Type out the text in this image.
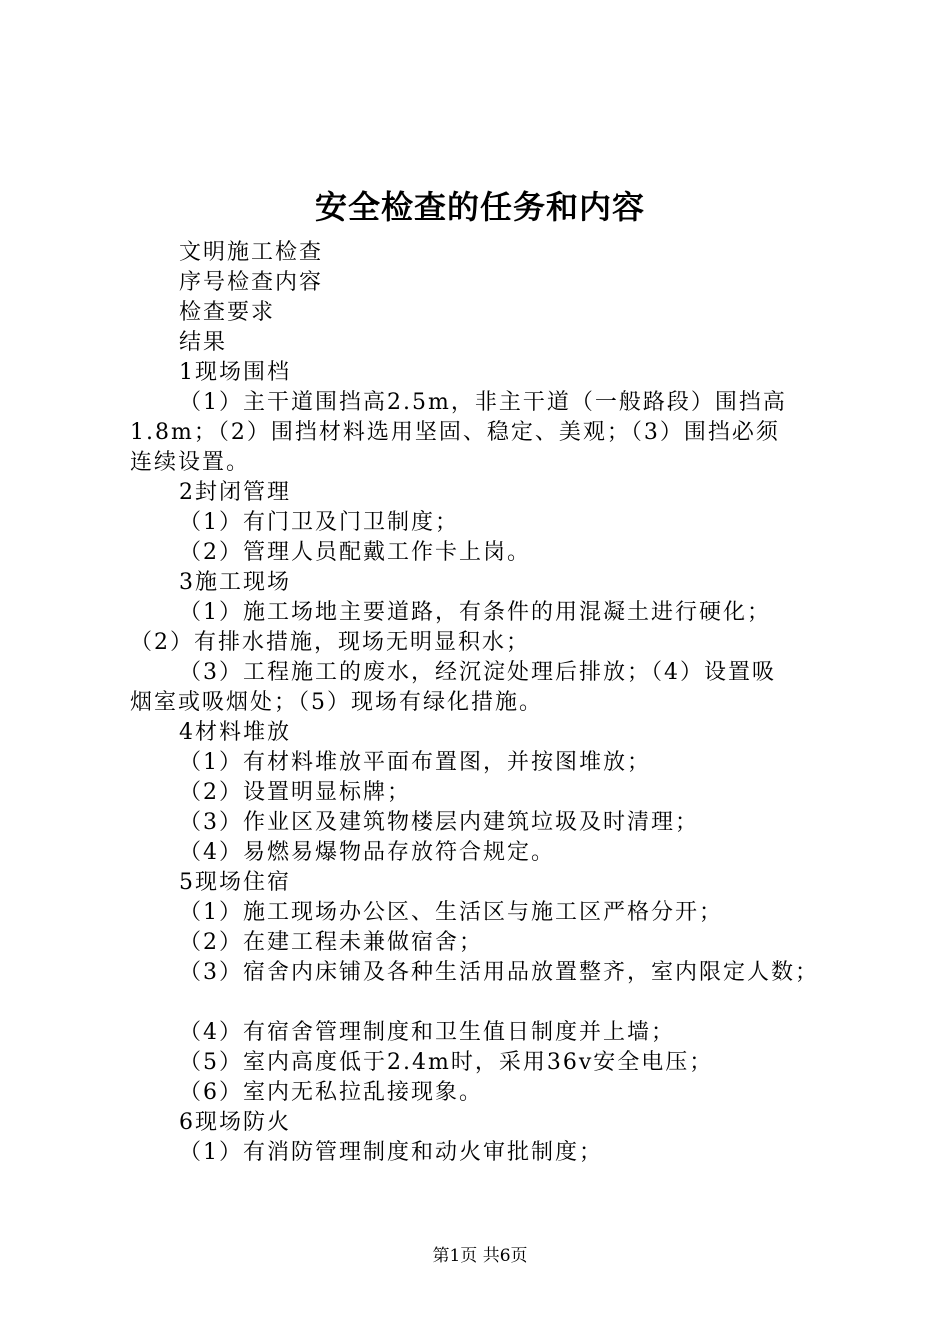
安全检查的任务和内容
文明施工检查
序号检查内容
检查要求
结果
1现场围档
（1）主干道围挡高2.5m，非主干道（一般路段）围挡高
1.8m；（2）围挡材料选用坚固、稳定、美观；（3）围挡必须
连续设置。
2封闭管理
（1）有门卫及门卫制度；
（2）管理人员配戴工作卡上岗。
3施工现场
（1）施工场地主要道路，有条件的用混凝土进行硬化；
（2）有排水措施，现场无明显积水；
（3）工程施工的废水，经沉淀处理后排放；（4）设置吸
烟室或吸烟处；（5）现场有绿化措施。
4材料堆放
（1）有材料堆放平面布置图，并按图堆放；
（2）设置明显标牌；
（3）作业区及建筑物楼层内建筑垃圾及时清理；
（4）易燃易爆物品存放符合规定。
5现场住宿
（1）施工现场办公区、生活区与施工区严格分开；
（2）在建工程未兼做宿舍；
（3）宿舍内床铺及各种生活用品放置整齐，室内限定人数；
（4）有宿舍管理制度和卫生值日制度并上墙；
（5）室内高度低于2.4m时，采用36v安全电压；
（6）室内无私拉乱接现象。
6现场防火
（1）有消防管理制度和动火审批制度；
第1页 共6页
